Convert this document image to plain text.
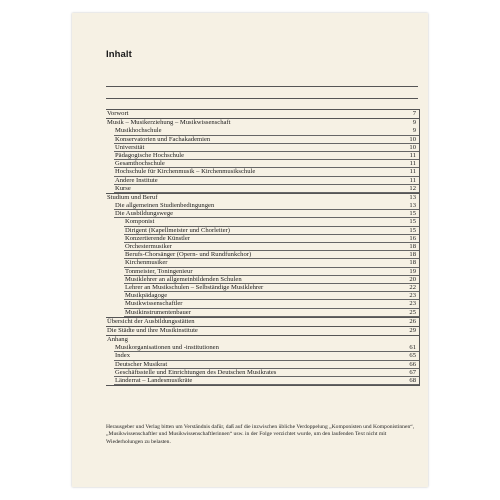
Inhalt
Vorwort	7
Musik – Musikerziehung – Musikwissenschaft	9
Musikhochschule	9
Konservatorien und Fachakademien	10
Universität	10
Pädagogische Hochschule	11
Gesamthochschule	11
Hochschule für Kirchenmusik – Kirchenmusikschule	11
Andere Institute	11
Kurse	12
Studium und Beruf	13
Die allgemeinen Studienbedingungen	13
Die Ausbildungswege	15
Komponist	15
Dirigent (Kapellmeister und Chorleiter)	15
Konzertierende Künstler	16
Orchestermusiker	18
Berufs-Chorsänger (Opern- und Rundfunkchor)	18
Kirchenmusiker	18
Tonmeister, Toningenieur	19
Musiklehrer an allgemeinbildenden Schulen	20
Lehrer an Musikschulen – Selbständige Musiklehrer	22
Musikpädagoge	23
Musikwissenschaftler	23
Musikinstrumentenbauer	25
Übersicht der Ausbildungsstätten	26
Die Städte und ihre Musikinstitute	29
Anhang
Musikorganisationen und -institutionen	61
Index	65
Deutscher Musikrat	66
Geschäftsstelle und Einrichtungen des Deutschen Musikrates	67
Länderrat – Landesmusikräte	68
Herausgeber und Verlag bitten um Verständnis dafür, daß auf die inzwischen übliche Verdoppelung „Komponisten und Komponistinnen“, „Musikwissenschaftler und Musikwissenschaftlerinnen“ usw. in der Folge verzichtet wurde, um den laufenden Text nicht mit Wiederholungen zu belasten.
